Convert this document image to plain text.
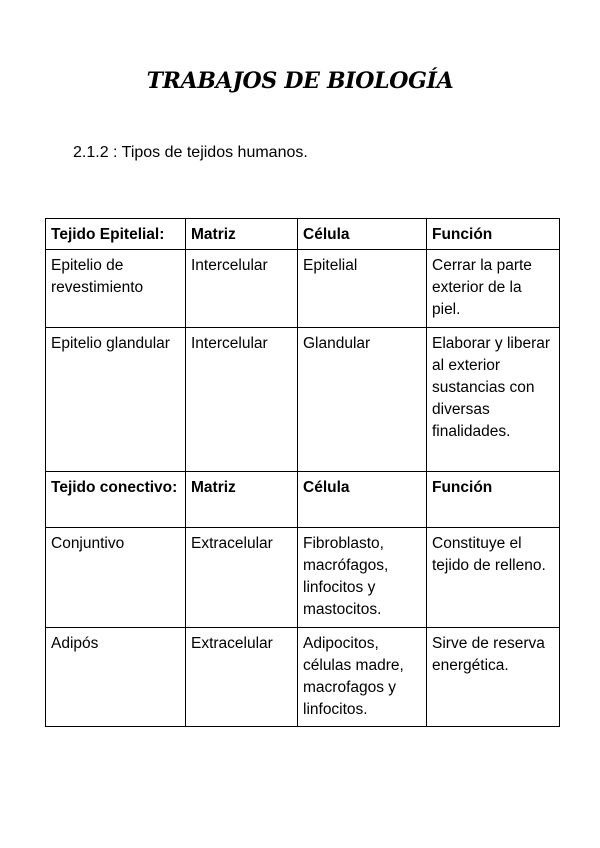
TRABAJOS DE BIOLOGÍA
2.1.2 : Tipos de tejidos humanos.
Tejido Epitelial:	Matriz	Célula	Función
Epitelio de revestimiento	Intercelular	Epitelial	Cerrar la parte exterior de la piel.
Epitelio glandular	Intercelular	Glandular	Elaborar y liberar al exterior sustancias con diversas finalidades.
Tejido conectivo:	Matriz	Célula	Función
Conjuntivo	Extracelular	Fibroblasto, macrófagos, linfocitos y mastocitos.	Constituye el tejido de relleno.
Adipós	Extracelular	Adipocitos, células madre, macrofagos y linfocitos.	Sirve de reserva energética.
